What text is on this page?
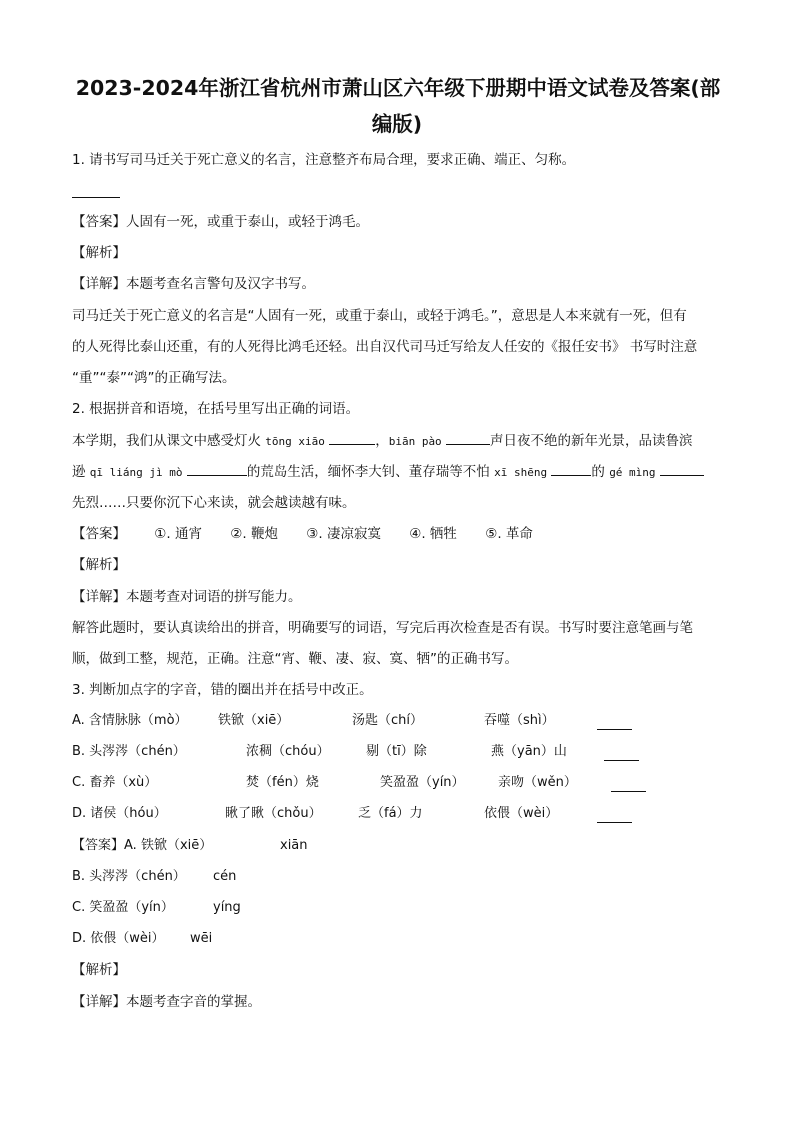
2023-2024年浙江省杭州市萧山区六年级下册期中语文试卷及答案(部
编版)
1. 请书写司马迁关于死亡意义的名言，注意整齐布局合理，要求正确、端正、匀称。
【答案】人固有一死，或重于泰山，或轻于鸿毛。
【解析】
【详解】本题考查名言警句及汉字书写。
司马迁关于死亡意义的名言是“人固有一死，或重于泰山，或轻于鸿毛。”，意思是人本来就有一死，但有
的人死得比泰山还重，有的人死得比鸿毛还轻。出自汉代司马迁写给友人任安的《报任安书》 书写时注意
“重”“泰”“鸿”的正确写法。
2. 根据拼音和语境，在括号里写出正确的词语。
本学期，我们从课文中感受灯火 tōng xiāo	，biān pào	声日夜不绝的新年光景，品读鲁滨
逊 qī liáng jì mò	的荒岛生活，缅怀李大钊、董存瑞等不怕 xī shēng	的 gé mìng
先烈……只要你沉下心来读，就会越读越有味。
【答案】 ①. 通宵 ②. 鞭炮 ③. 凄凉寂寞 ④. 牺牲 ⑤. 革命
【解析】
【详解】本题考查对词语的拼写能力。
解答此题时，要认真读给出的拼音，明确要写的词语，写完后再次检查是否有误。书写时要注意笔画与笔
顺，做到工整，规范，正确。注意“宵、鞭、凄、寂、寞、牺”的正确书写。
3. 判断加点字的字音，错的圈出并在括号中改正。
A. 含情脉脉（mò） 铁锨（xiē）	汤匙（chí）	吞噬（shì）
B. 头涔涔（chén）	浓稠（chóu）	剔（tī）除	燕（yān）山
C. 畜养（xù）	焚（fén）烧	笑盈盈（yín）	亲吻（wěn）
D. 诸侯（hóu）	瞅了瞅（chǒu）	乏（fá）力	依偎（wèi）
【答案】A. 铁锨（xiē）	xiān
B. 头涔涔（chén） cén
C. 笑盈盈（yín）	yíng
D. 依偎（wèi） wēi
【解析】
【详解】本题考查字音的掌握。
